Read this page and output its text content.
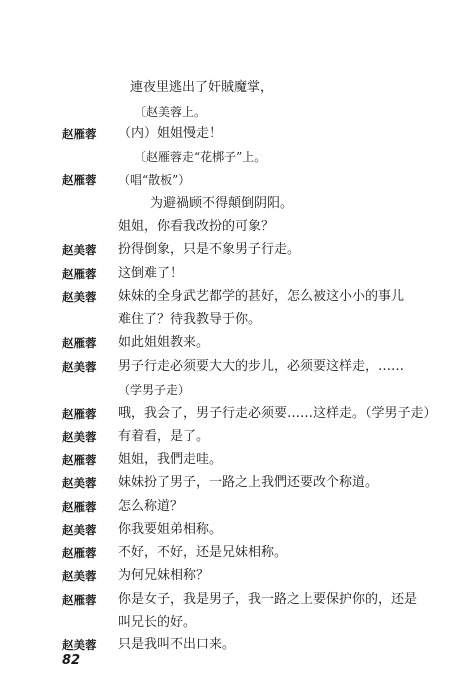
連夜里逃出了奸賊魔掌，
〔赵美蓉上。
赵雁蓉 （内）姐姐慢走！
〔赵雁蓉走“花梆子”上。
赵雁蓉 （唱“散板”）
为避禍顾不得顛倒阴阳。
姐姐，你看我改扮的可象？
赵美蓉 扮得倒象，只是不象男子行走。
赵雁蓉 这倒难了！
赵美蓉 妹妹的全身武艺都学的甚好，怎么被这小小的事儿
难住了？待我教导于你。
赵雁蓉 如此姐姐教来。
赵美蓉 男子行走必须要大大的步儿，必须要这样走，……
（学男子走）
赵雁蓉 哦，我会了，男子行走必须要……这样走。（学男子走）
赵美蓉 有着看，是了。
赵雁蓉 姐姐，我們走哇。
赵美蓉 妹妹扮了男子，一路之上我們还要改个称道。
赵雁蓉 怎么称道？
赵美蓉 你我要姐弟相称。
赵雁蓉 不好，不好，还是兄妹相称。
赵美蓉 为何兄妹相称？
赵雁蓉 你是女子，我是男子，我一路之上要保护你的，还是
叫兄长的好。
赵美蓉 只是我叫不出口来。
82
